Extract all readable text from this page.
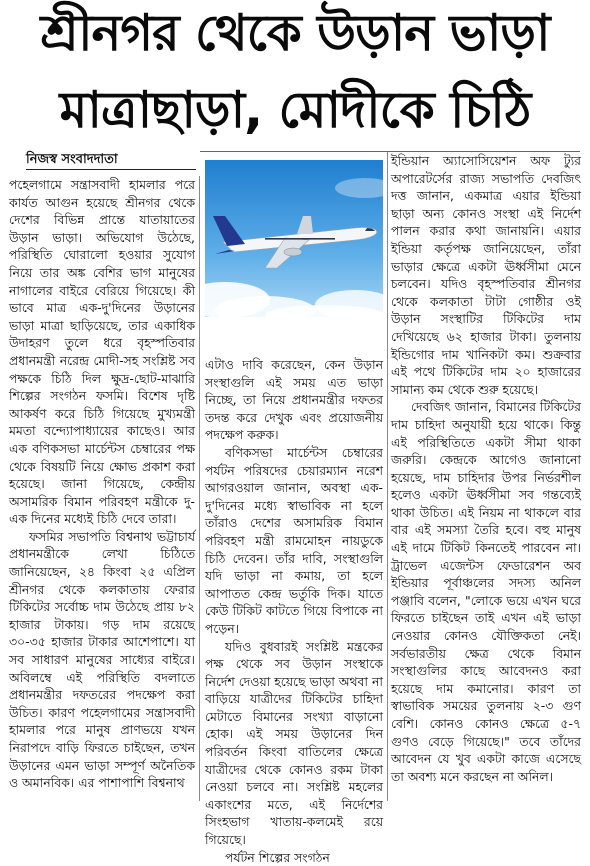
শ্রীনগর থেকে উড়ান ভাড়া
মাত্রাছাড়া, মোদীকে চিঠি
নিজস্ব সংবাদদাতা

পহেলগামে সন্ত্রাসবাদী হামলার পরে কার্যত আগুন হয়েছে শ্রীনগর থেকে দেশের বিভিন্ন প্রান্তে যাতায়াতের উড়ান ভাড়া। অভিযোগ উঠেছে, পরিস্থিতি ঘোরালো হওয়ার সুযোগ নিয়ে তার অঙ্ক বেশির ভাগ মানুষের নাগালের বাইরে বেরিয়ে গিয়েছে। কী ভাবে মাত্র এক-দু'দিনের উড়ানের ভাড়া মাত্রা ছাড়িয়েছে, তার একাধিক উদাহরণ তুলে ধরে বৃহস্পতিবার প্রধানমন্ত্রী নরেন্দ্র মোদী-সহ সংশ্লিষ্ট সব পক্ষকে চিঠি দিল ক্ষুদ্র-ছোট-মাঝারি শিল্পের সংগঠন ফসমি। বিশেষ দৃষ্টি আকর্ষণ করে চিঠি গিয়েছে মুখ্যমন্ত্রী মমতা বন্দ্যোপাধ্যায়ের কাছেও। আর এক বণিকসভা মার্চেন্টস চেম্বারের পক্ষ থেকে বিষয়টি নিয়ে ক্ষোভ প্রকাশ করা হয়েছে। জানা গিয়েছে, কেন্দ্রীয় অসামরিক বিমান পরিবহণ মন্ত্রীকে দু-এক দিনের মধ্যেই চিঠি দেবে তারা।

ফসমির সভাপতি বিশ্বনাথ ভট্টাচার্য প্রধানমন্ত্রীকে লেখা চিঠিতে জানিয়েছেন, ২৪ কিংবা ২৫ এপ্রিল শ্রীনগর থেকে কলকাতায় ফেরার টিকিটের সর্বোচ্চ দাম উঠেছে প্রায় ৮২ হাজার টাকায়। গড় দাম রয়েছে ৩০-৩৫ হাজার টাকার আশেপাশে। যা সব সাধারণ মানুষের সাধ্যের বাইরে। অবিলম্বে এই পরিস্থিতি বদলাতে প্রধানমন্ত্রীর দফতরের পদক্ষেপ করা উচিত। কারণ পহেলগামের সন্ত্রাসবাদী হামলার পরে মানুষ প্রাণভয়ে যখন নিরাপদে বাড়ি ফিরতে চাইছেন, তখন উড়ানের এমন ভাড়া সম্পূর্ণ অনৈতিক ও অমানবিক। এর পাশাপাশি বিশ্বনাথ

এটাও দাবি করেছেন, কেন উড়ান সংস্থাগুলি এই সময় এত ভাড়া নিচ্ছে, তা নিয়ে প্রধানমন্ত্রীর দফতর তদন্ত করে দেখুক এবং প্রয়োজনীয় পদক্ষেপ করুক।

বণিকসভা মার্চেন্টস চেম্বারের পর্যটন পরিষদের চেয়ারম্যান নরেশ আগরওয়াল জানান, অবস্থা এক-দু'দিনের মধ্যে স্বাভাবিক না হলে তাঁরাও দেশের অসামরিক বিমান পরিবহণ মন্ত্রী রামমোহন নায়ডুকে চিঠি দেবেন। তাঁর দাবি, সংস্থাগুলি যদি ভাড়া না কমায়, তা হলে আপাতত কেন্দ্র ভর্তুকি দিক। যাতে কেউ টিকিট কাটতে গিয়ে বিপাকে না পড়েন।

যদিও বুধবারই সংশ্লিষ্ট মন্ত্রকের পক্ষ থেকে সব উড়ান সংস্থাকে নির্দেশ দেওয়া হয়েছে ভাড়া অথবা না বাড়িয়ে যাত্রীদের টিকিটের চাহিদা মেটাতে বিমানের সংখ্যা বাড়ানো হোক। এই সময় উড়ানের দিন পরিবর্তন কিংবা বাতিলের ক্ষেত্রে যাত্রীদের থেকে কোনও রকম টাকা নেওয়া চলবে না। সংশ্লিষ্ট মহলের একাংশের মতে, এই নির্দেশের সিংহভাগ খাতায়-কলমেই রয়ে গিয়েছে।

পর্যটন শিল্পের সংগঠন

ইন্ডিয়ান অ্যাসোসিয়েশন অফ ট্যুর অপারেটর্সের রাজ্য সভাপতি দেবজিৎ দত্ত জানান, একমাত্র এয়ার ইন্ডিয়া ছাড়া অন্য কোনও সংস্থা এই নির্দেশ পালন করার কথা জানায়নি। এয়ার ইন্ডিয়া কর্তৃপক্ষ জানিয়েছেন, তাঁরা ভাড়ার ক্ষেত্রে একটা ঊর্ধ্বসীমা মেনে চলবেন। যদিও বৃহস্পতিবার শ্রীনগর থেকে কলকাতা টাটা গোষ্ঠীর ওই উড়ান সংস্থাটির টিকিটের দাম দেখিয়েছে ৬২ হাজার টাকা। তুলনায় ইন্ডিগোর দাম খানিকটা কম। শুক্রবার এই পথে টিকিটের দাম ২০ হাজারের সামান্য কম থেকে শুরু হয়েছে।

দেবজিৎ জানান, বিমানের টিকিটের দাম চাহিদা অনুযায়ী হয়ে থাকে। কিন্তু এই পরিস্থিতিতে একটা সীমা থাকা জরুরি। কেন্দ্রকে আগেও জানানো হয়েছে, দাম চাহিদার উপর নির্ভরশীল হলেও একটা ঊর্ধ্বসীমা সব গন্তব্যেই থাকা উচিত। এই নিয়ম না থাকলে বার বার এই সমস্যা তৈরি হবে। বহু মানুষ এই দামে টিকিট কিনতেই পারবেন না। ট্রাভেল এজেন্টস ফেডারেশন অব ইন্ডিয়ার পূর্বাঞ্চলের সদস্য অনিল পঞ্জাবি বলেন, "লোকে ভয়ে এখন ঘরে ফিরতে চাইছেন তাই এখন এই ভাড়া নেওয়ার কোনও যৌক্তিকতা নেই। সর্বভারতীয় ক্ষেত্র থেকে বিমান সংস্থাগুলির কাছে আবেদনও করা হয়েছে দাম কমানোর। কারণ তা স্বাভাবিক সময়ের তুলনায় ২-৩ গুণ বেশি। কোনও কোনও ক্ষেত্রে ৫-৭ গুণও বেড়ে গিয়েছে।" তবে তাঁদের আবেদন যে খুব একটা কাজে এসেছে তা অবশ্য মনে করছেন না অনিল।
